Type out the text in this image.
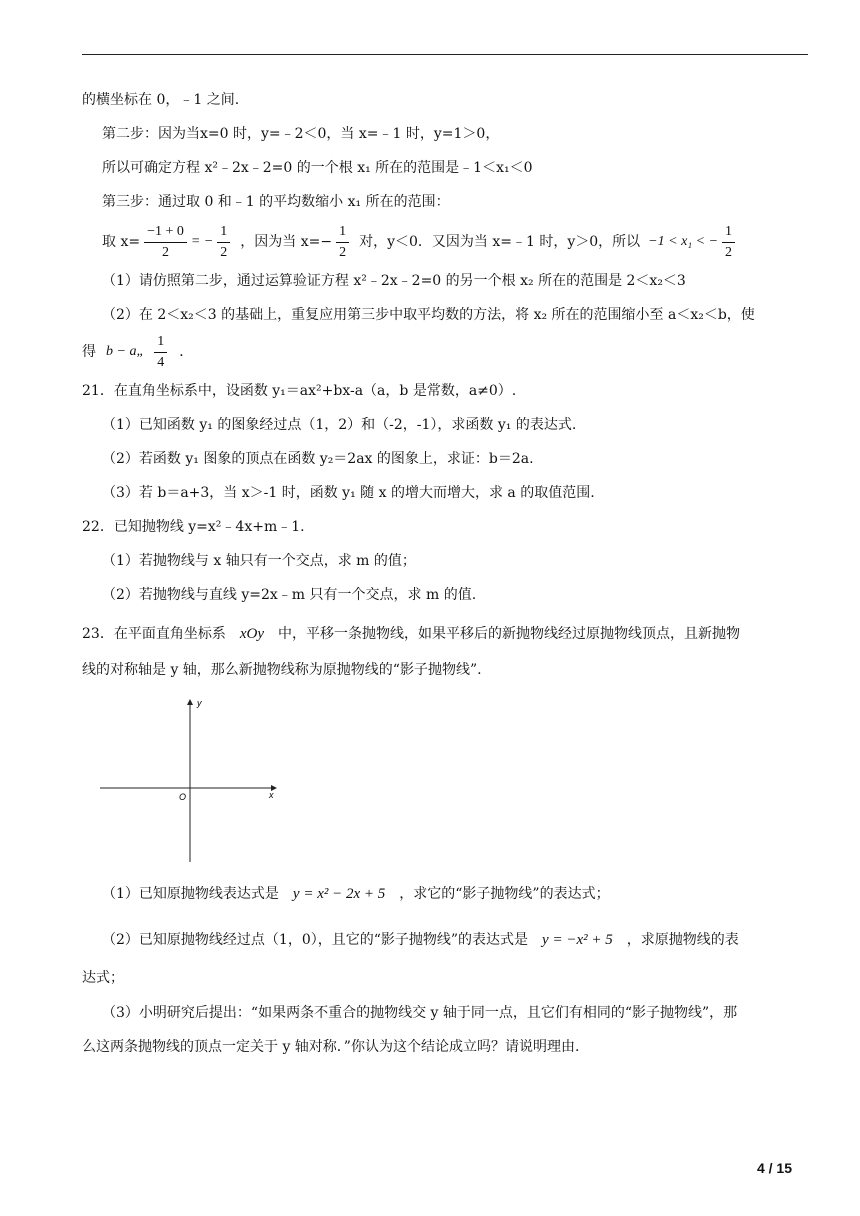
的横坐标在 0，﹣1 之间.
第二步：因为当x=0 时，y=﹣2＜0，当 x=﹣1 时，y=1＞0，
所以可确定方程 x²﹣2x﹣2=0 的一个根 x₁ 所在的范围是﹣1＜x₁＜0
第三步：通过取 0 和﹣1 的平均数缩小 x₁ 所在的范围：
取 $x= \frac{-1 + 0}{2}$ = − $\frac{1}{2}$ ，因为当 $x=- \frac{1}{2}$ 对，y＜0．又因为当 x=﹣1 时，y＞0，所以 −1 < x₁ < − $\frac{1}{2}$
（1）请仿照第二步，通过运算验证方程 x²﹣2x﹣2=0 的另一个根 x₂ 所在的范围是 2＜x₂＜3
（2）在 2＜x₂＜3 的基础上，重复应用第三步中取平均数的方法，将 x₂ 所在的范围缩小至 a＜x₂＜b，使
得 b − a„ $\frac{1}{4}$ ．
21．在直角坐标系中，设函数 y₁＝ax²+bx-a（a，b 是常数，a≠0）.
（1）已知函数 y₁ 的图象经过点（1，2）和（-2，-1），求函数 y₁ 的表达式.
（2）若函数 y₁ 图象的顶点在函数 y₂＝2ax 的图象上，求证：b＝2a.
（3）若 b＝a+3，当 x＞-1 时，函数 y₁ 随 x 的增大而增大，求 a 的取值范围.
22．已知抛物线 y=x²﹣4x+m﹣1.
（1）若抛物线与 x 轴只有一个交点，求 m 的值；
（2）若抛物线与直线 y=2x﹣m 只有一个交点，求 m 的值.
23．在平面直角坐标系 xOy 中，平移一条抛物线，如果平移后的新抛物线经过原抛物线顶点，且新抛物
线的对称轴是 y 轴，那么新抛物线称为原抛物线的“影子抛物线”.
y
x
O
（1）已知原抛物线表达式是 y = x² − 2x + 5 ，求它的“影子抛物线”的表达式；
（2）已知原抛物线经过点（1，0），且它的“影子抛物线”的表达式是 y = −x² + 5 ，求原抛物线的表
达式；
（3）小明研究后提出：“如果两条不重合的抛物线交 y 轴于同一点，且它们有相同的“影子抛物线”，那
么这两条抛物线的顶点一定关于 y 轴对称．”你认为这个结论成立吗？请说明理由.
4 / 15
